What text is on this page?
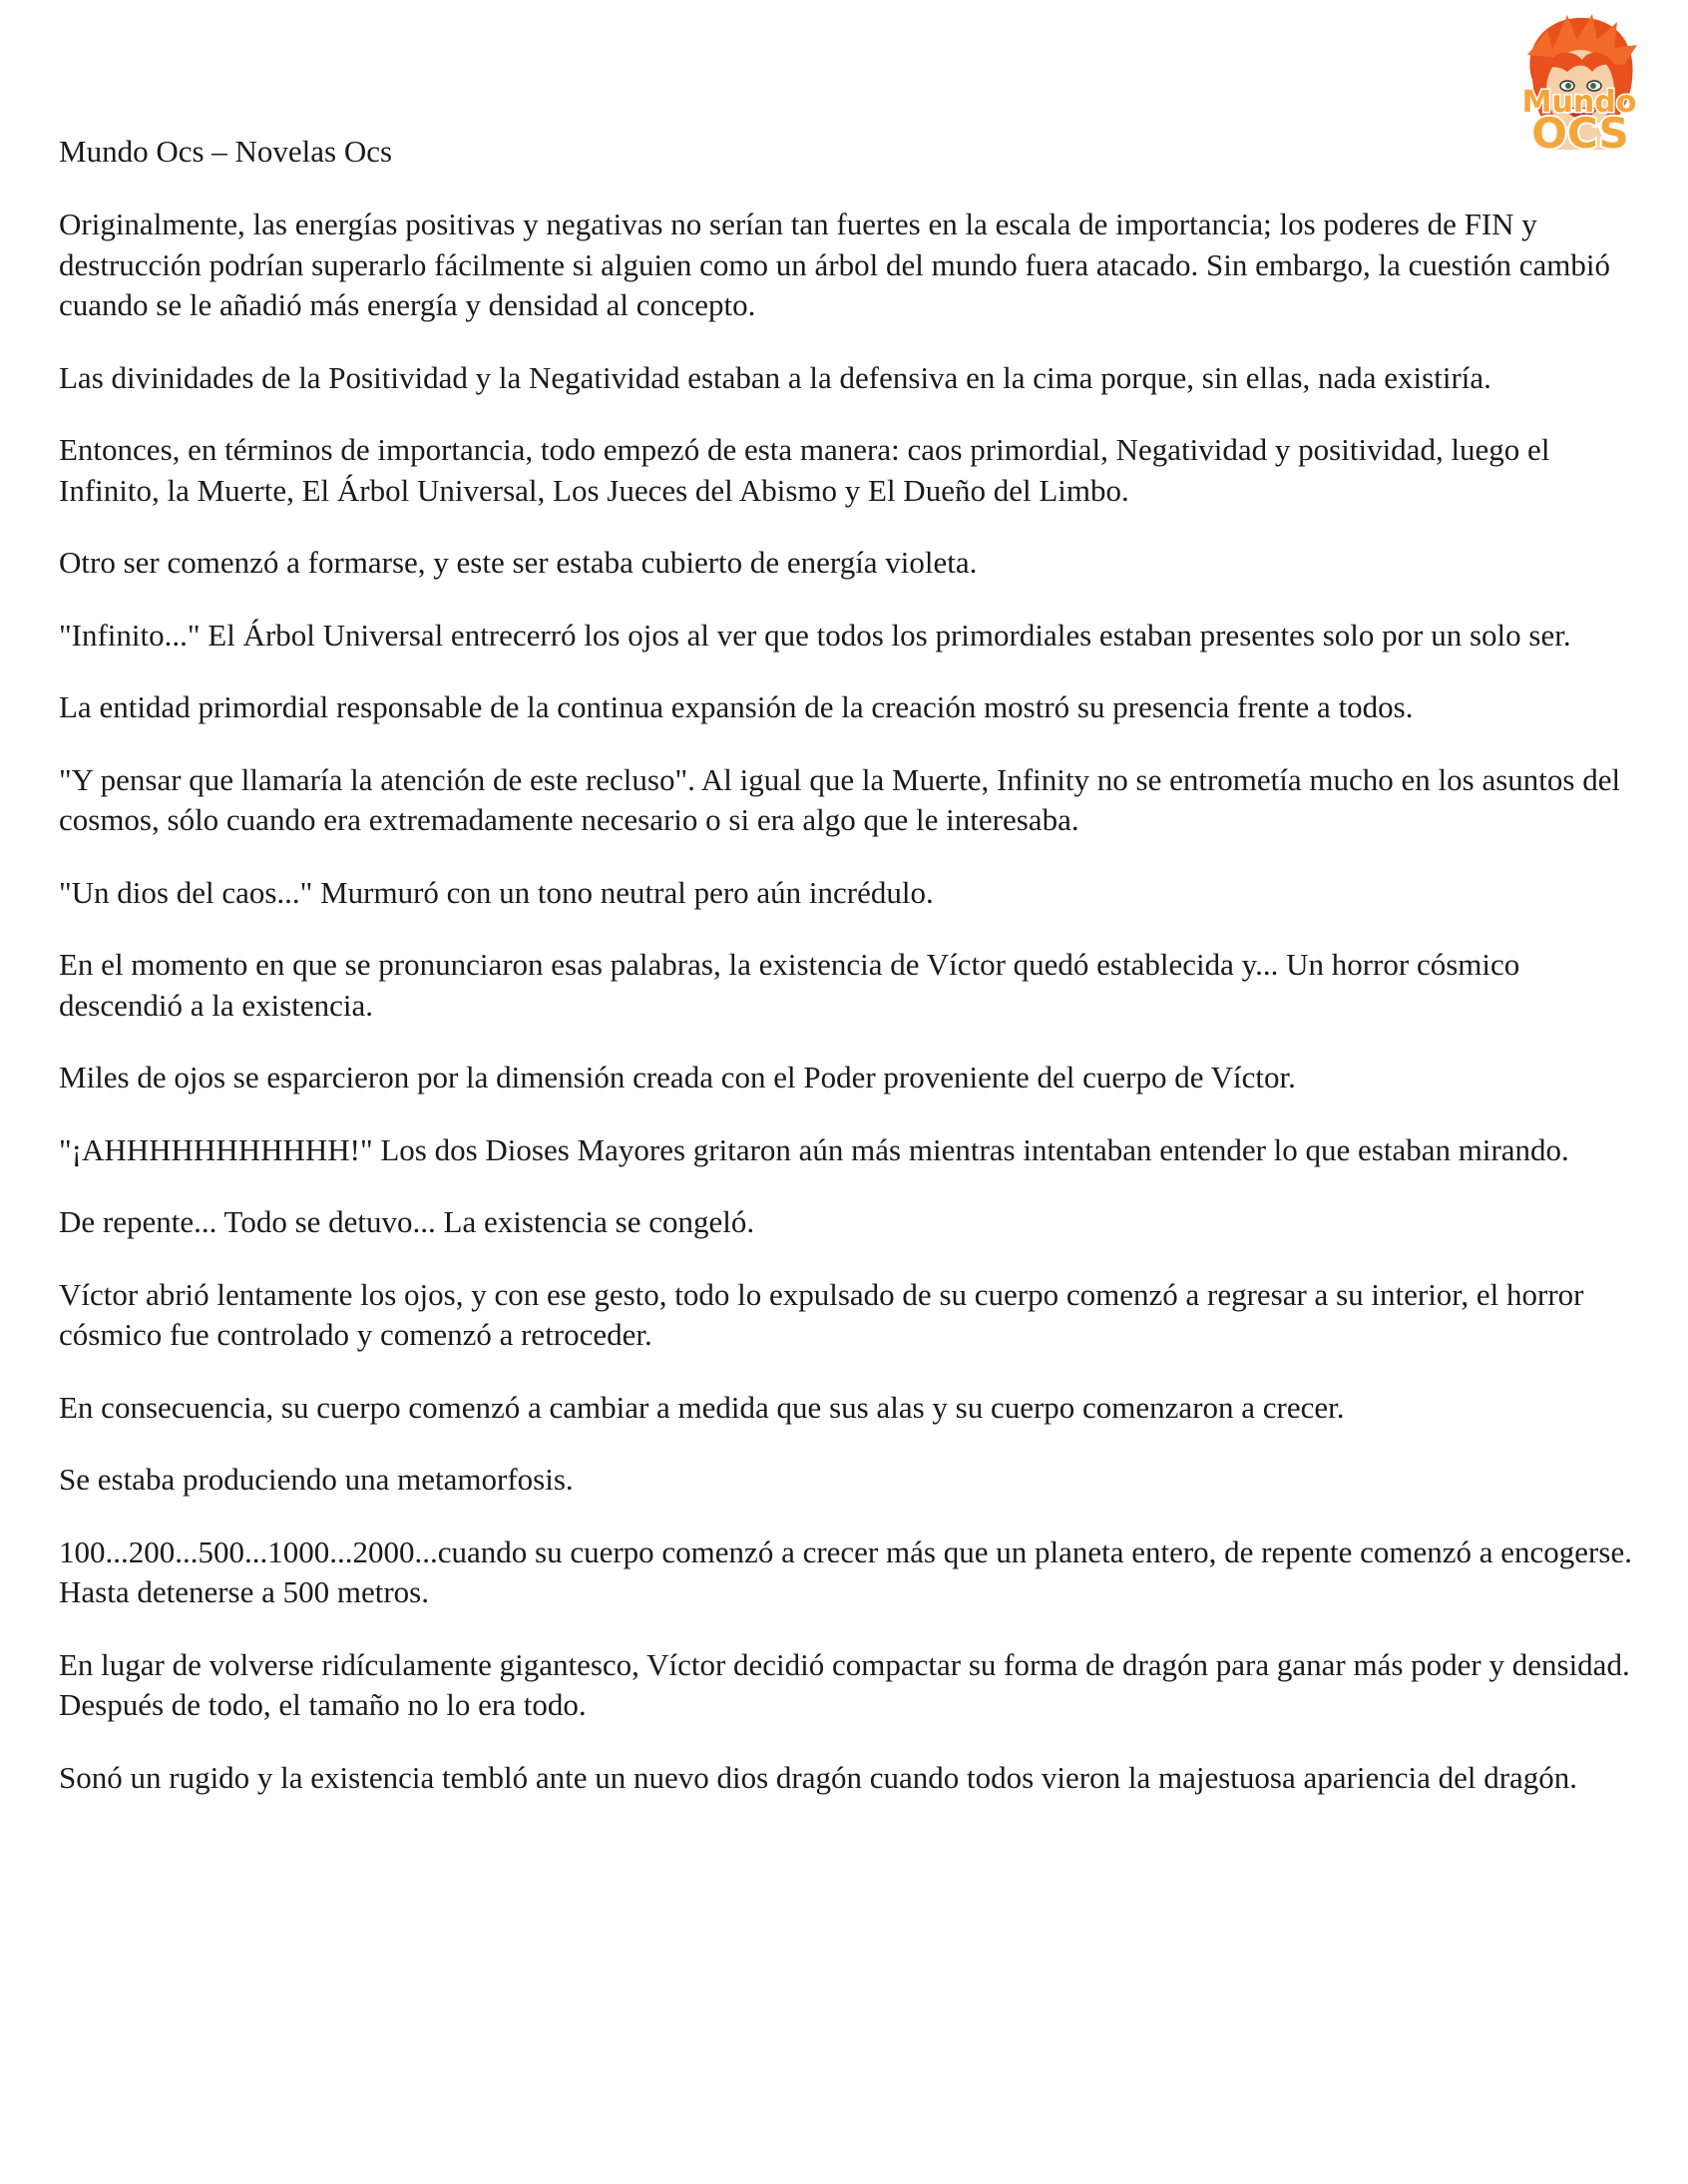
Mundo
OCS
Mundo Ocs – Novelas Ocs

Originalmente, las energías positivas y negativas no serían tan fuertes en la escala de importancia; los poderes de FIN y destrucción podrían superarlo fácilmente si alguien como un árbol del mundo fuera atacado. Sin embargo, la cuestión cambió cuando se le añadió más energía y densidad al concepto.

Las divinidades de la Positividad y la Negatividad estaban a la defensiva en la cima porque, sin ellas, nada existiría.

Entonces, en términos de importancia, todo empezó de esta manera: caos primordial, Negatividad y positividad, luego el Infinito, la Muerte, El Árbol Universal, Los Jueces del Abismo y El Dueño del Limbo.

Otro ser comenzó a formarse, y este ser estaba cubierto de energía violeta.

"Infinito..." El Árbol Universal entrecerró los ojos al ver que todos los primordiales estaban presentes solo por un solo ser.

La entidad primordial responsable de la continua expansión de la creación mostró su presencia frente a todos.

"Y pensar que llamaría la atención de este recluso". Al igual que la Muerte, Infinity no se entrometía mucho en los asuntos del cosmos, sólo cuando era extremadamente necesario o si era algo que le interesaba.

"Un dios del caos..." Murmuró con un tono neutral pero aún incrédulo.

En el momento en que se pronunciaron esas palabras, la existencia de Víctor quedó establecida y... Un horror cósmico descendió a la existencia.

Miles de ojos se esparcieron por la dimensión creada con el Poder proveniente del cuerpo de Víctor.

"¡AHHHHHHHHHHH!" Los dos Dioses Mayores gritaron aún más mientras intentaban entender lo que estaban mirando.

De repente... Todo se detuvo... La existencia se congeló.

Víctor abrió lentamente los ojos, y con ese gesto, todo lo expulsado de su cuerpo comenzó a regresar a su interior, el horror cósmico fue controlado y comenzó a retroceder.

En consecuencia, su cuerpo comenzó a cambiar a medida que sus alas y su cuerpo comenzaron a crecer.

Se estaba produciendo una metamorfosis.

100...200...500...1000...2000...cuando su cuerpo comenzó a crecer más que un planeta entero, de repente comenzó a encogerse. Hasta detenerse a 500 metros.

En lugar de volverse ridículamente gigantesco, Víctor decidió compactar su forma de dragón para ganar más poder y densidad. Después de todo, el tamaño no lo era todo.

Sonó un rugido y la existencia tembló ante un nuevo dios dragón cuando todos vieron la majestuosa apariencia del dragón.
